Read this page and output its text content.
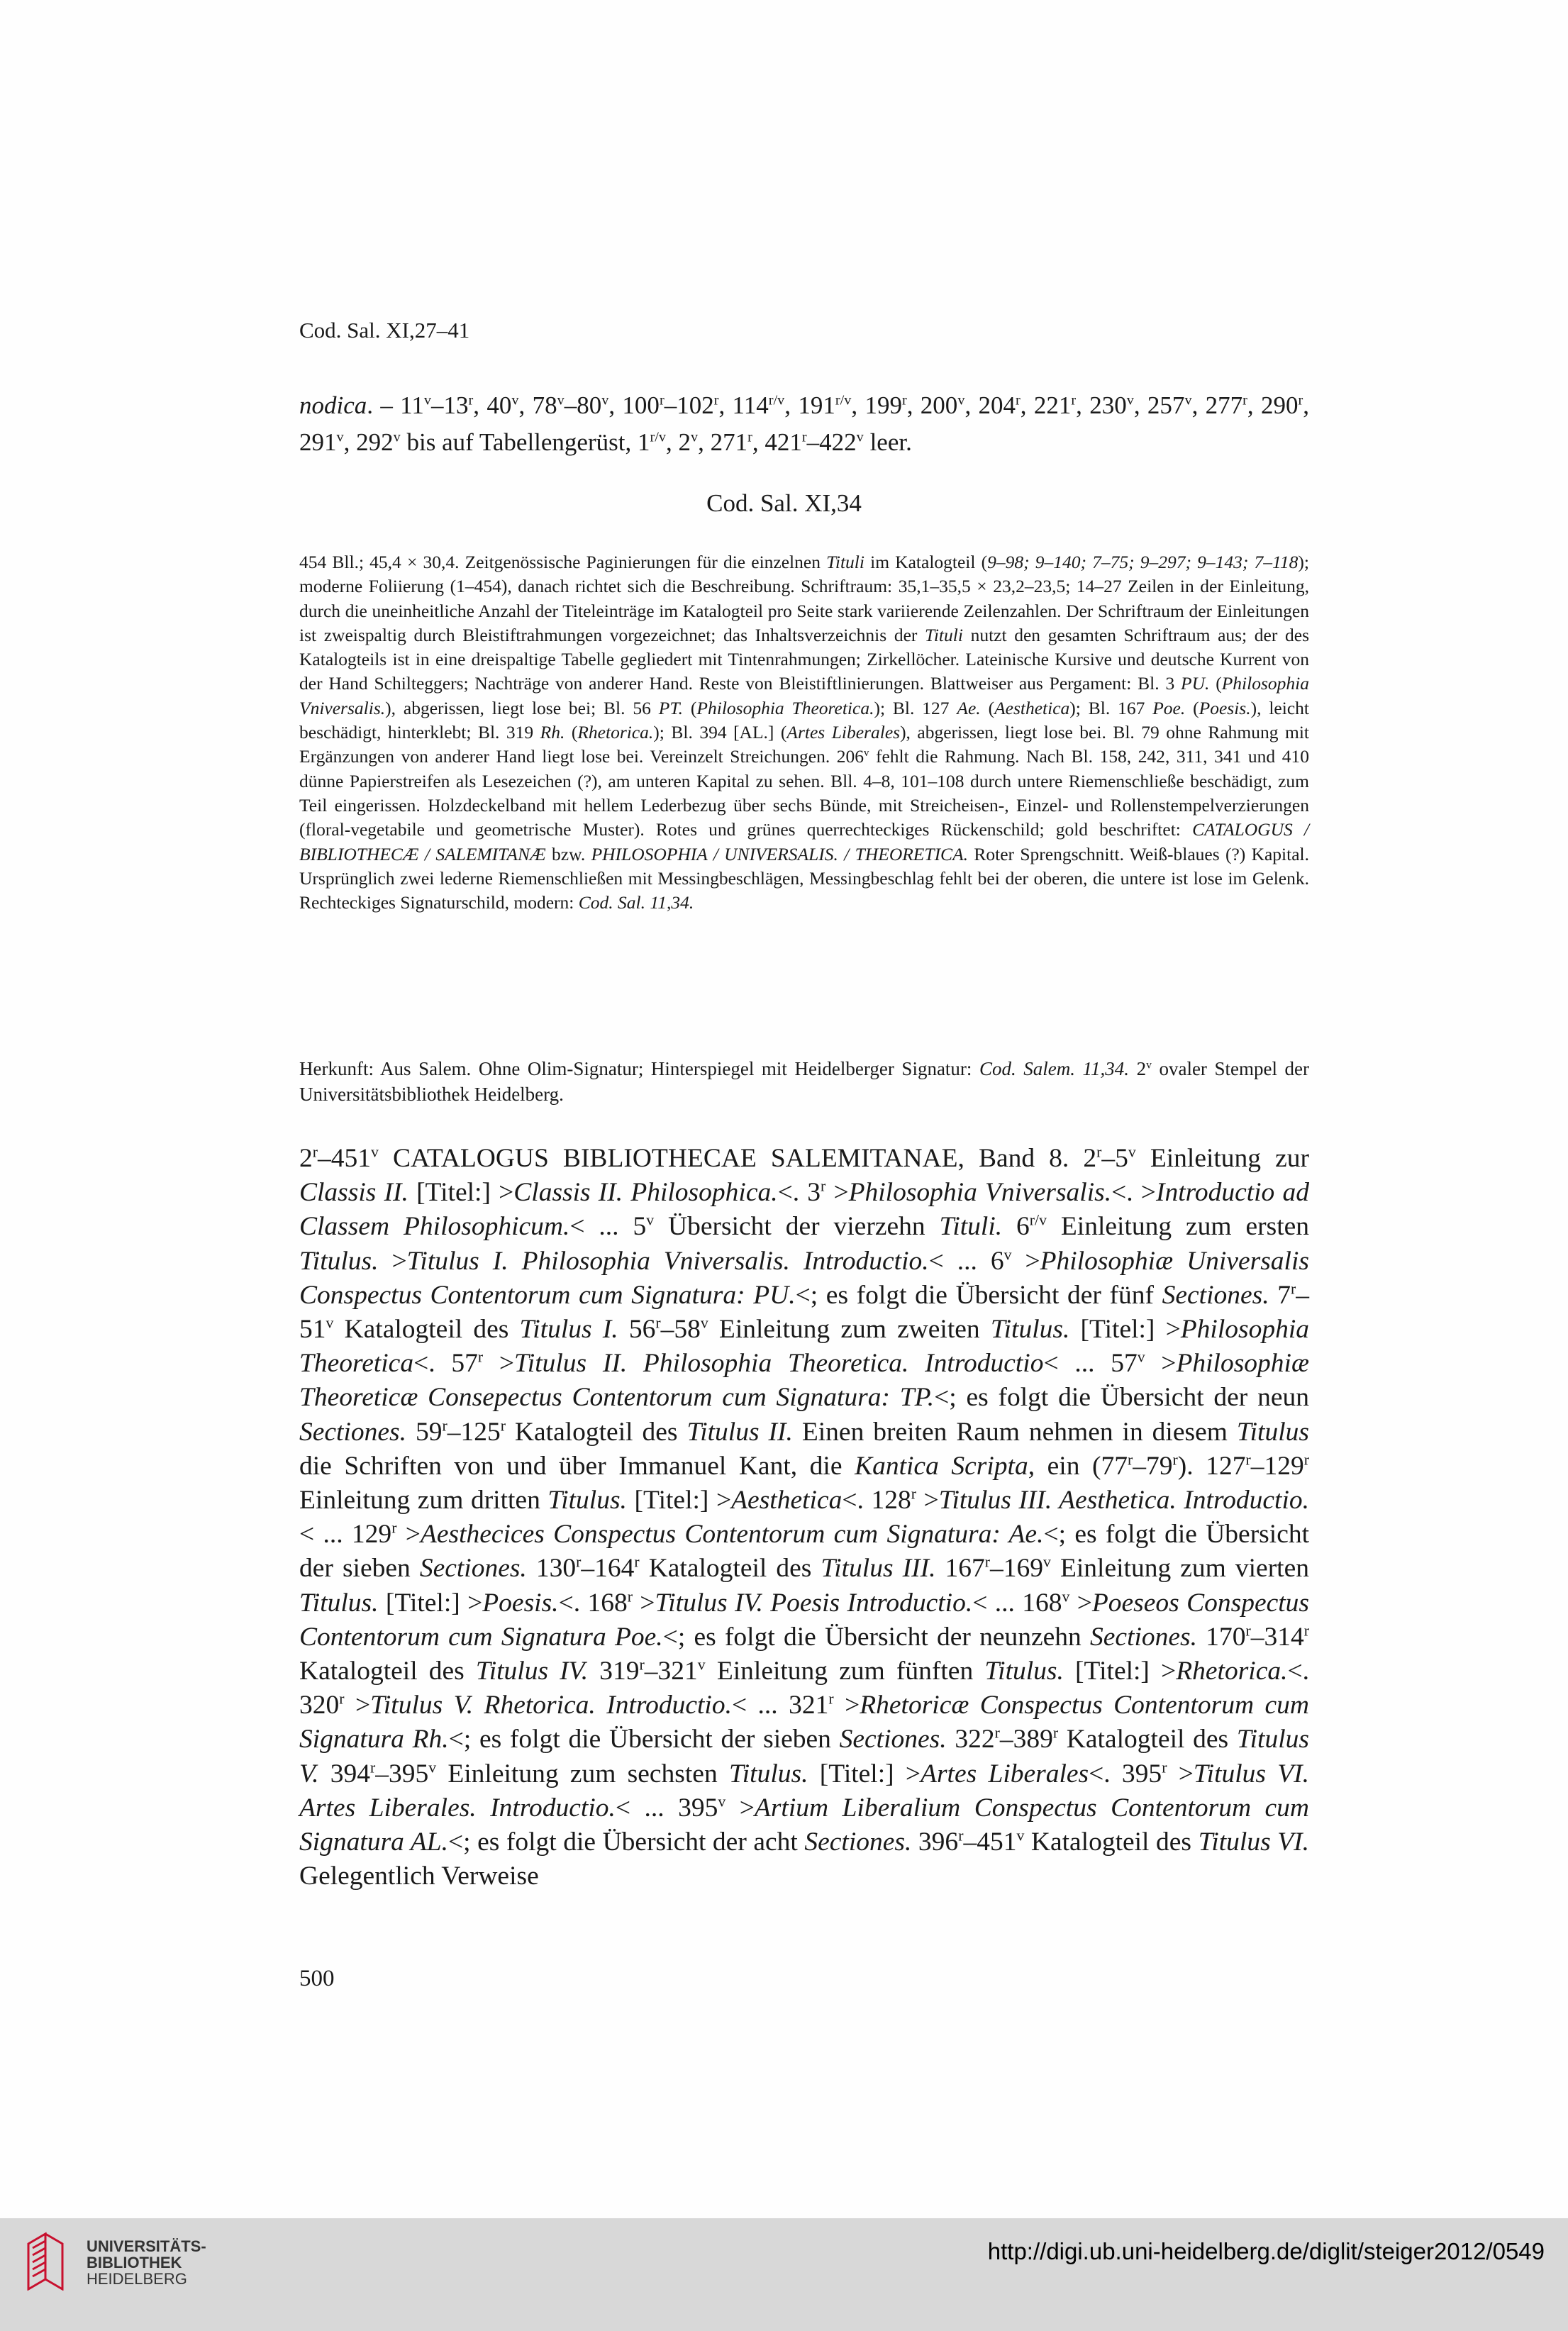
Cod. Sal. XI,27–41

nodica. – 11$^v$–13$^r$, 40$^v$, 78$^v$–80$^v$, 100$^r$–102$^r$, $114^{r/v}$, $191^{r/v}$, 199$^r$, 200$^v$, 204$^r$, 221$^r$, 230$^v$, 257$^v$, 277$^r$, 290$^r$, 291$^v$, 292$^v$ bis auf Tabellengerüst, $1^{r/v}$, 2$^v$, 271$^r$, 421$^r$–422$^v$ leer.

Cod. Sal. XI,34

454 Bll.; 45,4 × 30,4. Zeitgenössische Paginierungen für die einzelnen Tituli im Katalogteil (9–98; 9–140; 7–75; 9–297; 9–143; 7–118); moderne Foliierung (1–454), danach richtet sich die Beschreibung. Schriftraum: 35,1–35,5 × 23,2–23,5; 14–27 Zeilen in der Einleitung, durch die uneinheitliche Anzahl der Titeleinträge im Katalogteil pro Seite stark variierende Zeilenzahlen. Der Schriftraum der Einleitungen ist zweispaltig durch Bleistiftrahmungen vorgezeichnet; das Inhaltsverzeichnis der Tituli nutzt den gesamten Schriftraum aus; der des Katalogteils ist in eine dreispaltige Tabelle gegliedert mit Tintenrahmungen; Zirkellöcher. Lateinische Kursive und deutsche Kurrent von der Hand Schilteggers; Nachträge von anderer Hand. Reste von Bleistiftlinierungen. Blattweiser aus Pergament: Bl. 3 PU. (Philosophia Vniversalis.), abgerissen, liegt lose bei; Bl. 56 PT. (Philosophia Theoretica.); Bl. 127 Ae. (Aesthetica); Bl. 167 Poe. (Poesis.), leicht beschädigt, hinterklebt; Bl. 319 Rh. (Rhetorica.); Bl. 394 [AL.] (Artes Liberales), abgerissen, liegt lose bei. Bl. 79 ohne Rahmung mit Ergänzungen von anderer Hand liegt lose bei. Vereinzelt Streichungen. 206$^v$ fehlt die Rahmung. Nach Bl. 158, 242, 311, 341 und 410 dünne Papierstreifen als Lesezeichen (?), am unteren Kapital zu sehen. Bll. 4–8, 101–108 durch untere Riemenschließe beschädigt, zum Teil eingerissen. Holzdeckelband mit hellem Lederbezug über sechs Bünde, mit Streicheisen-, Einzel- und Rollenstempelverzierungen (floral-vegetabile und geometrische Muster). Rotes und grünes querrechteckiges Rückenschild; gold beschriftet: CATALOGUS / BIBLIOTHECÆ / SALEMITANÆ bzw. PHILOSOPHIA / UNIVERSALIS. / THEORETICA. Roter Sprengschnitt. Weiß-blaues (?) Kapital. Ursprünglich zwei lederne Riemenschließen mit Messingbeschlägen, Messingbeschlag fehlt bei der oberen, die untere ist lose im Gelenk. Rechteckiges Signaturschild, modern: Cod. Sal. 11,34.

Herkunft: Aus Salem. Ohne Olim-Signatur; Hinterspiegel mit Heidelberger Signatur: Cod. Salem. 11,34. 2$^v$ ovaler Stempel der Universitätsbibliothek Heidelberg.

2$^r$–451$^v$ CATALOGUS BIBLIOTHECAE SALEMITANAE, Band 8. 2$^r$–5$^v$ Einleitung zur Classis II. [Titel:] >Classis II. Philosophica.<. $3^r$ >Philosophia Vniversalis.<. >Introductio ad Classem Philosophicum.< ... 5$^v$ Übersicht der vierzehn Tituli. $6^{r/v}$ Einleitung zum ersten Titulus. >Titulus I. Philosophia Vniversalis. Introductio.< ... $6^v$ >Philosophiæ Universalis Conspectus Contentorum cum Signatura: PU.<; es folgt die Übersicht der fünf Sectiones. 7$^r$–51$^v$ Katalogteil des Titulus I. 56$^r$–58$^v$ Einleitung zum zweiten Titulus. [Titel:] >Philosophia Theoretica<. $57^r$ >Titulus II. Philosophia Theoretica. Introductio< ... $57^v$ >Philosophiæ Theoreticæ Consepectus Contentorum cum Signatura: TP.<; es folgt die Übersicht der neun Sectiones. 59$^r$–125$^r$ Katalogteil des Titulus II. Einen breiten Raum nehmen in diesem Titulus die Schriften von und über Immanuel Kant, die Kantica Scripta, ein (77$^r$–79$^r$). 127$^r$–129$^r$ Einleitung zum dritten Titulus. [Titel:] >Aesthetica<. $128^r$ >Titulus III. Aesthetica. Introductio.< ... $129^r$ >Aesthecices Conspectus Contentorum cum Signatura: Ae.<; es folgt die Übersicht der sieben Sectiones. 130$^r$–164$^r$ Katalogteil des Titulus III. 167$^r$–169$^v$ Einleitung zum vierten Titulus. [Titel:] >Poesis.<. $168^r$ >Titulus IV. Poesis Introductio.< ... $168^v$ >Poeseos Conspectus Contentorum cum Signatura Poe.<; es folgt die Übersicht der neunzehn Sectiones. 170$^r$–314$^r$ Katalogteil des Titulus IV. 319$^r$–321$^v$ Einleitung zum fünften Titulus. [Titel:] >Rhetorica.<. $320^r$ >Titulus V. Rhetorica. Introductio.< ... $321^r$ >Rhetoricæ Conspectus Contentorum cum Signatura Rh.<; es folgt die Übersicht der sieben Sectiones. 322$^r$–389$^r$ Katalogteil des Titulus V. 394$^r$–395$^v$ Einleitung zum sechsten Titulus. [Titel:] >Artes Liberales<. $395^r$ >Titulus VI. Artes Liberales. Introductio.< ... $395^v$ >Artium Liberalium Conspectus Contentorum cum Signatura AL.<; es folgt die Übersicht der acht Sectiones. 396$^r$–451$^v$ Katalogteil des Titulus VI. Gelegentlich Verweise

500
UNIVERSITÄTS-
BIBLIOTHEK
HEIDELBERG
http://digi.ub.uni-heidelberg.de/diglit/steiger2012/0549
